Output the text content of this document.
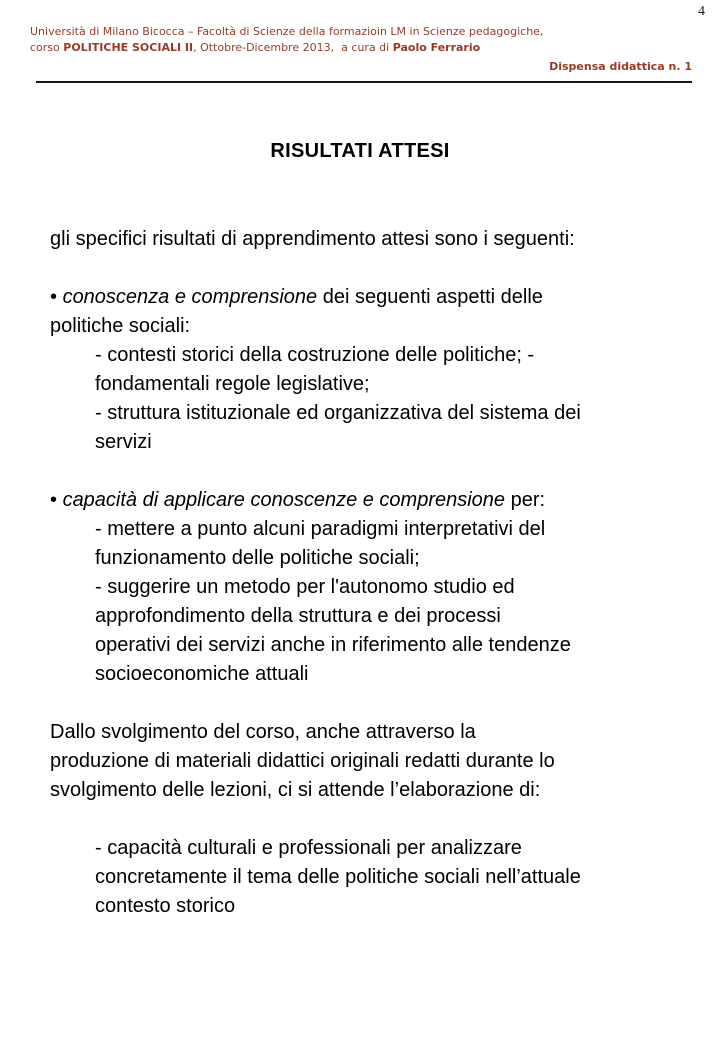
4
Università di Milano Bicocca – Facoltà di Scienze della formazioin LM in Scienze pedagogiche,
corso POLITICHE SOCIALI II, Ottobre-Dicembre 2013,  a cura di Paolo Ferrario
Dispensa didattica n. 1
RISULTATI ATTESI
gli specifici risultati di apprendimento attesi sono i seguenti:
• conoscenza e comprensione dei seguenti aspetti delle
politiche sociali:
- contesti storici della costruzione delle politiche; -
fondamentali regole legislative;
- struttura istituzionale ed organizzativa del sistema dei
servizi
• capacità di applicare conoscenze e comprensione per:
- mettere a punto alcuni paradigmi interpretativi del
funzionamento delle politiche sociali;
- suggerire un metodo per l'autonomo studio ed
approfondimento della struttura e dei processi
operativi dei servizi anche in riferimento alle tendenze
socioeconomiche attuali
Dallo svolgimento del corso, anche attraverso la
produzione di materiali didattici originali redatti durante lo
svolgimento delle lezioni, ci si attende l’elaborazione di:
- capacità culturali e professionali per analizzare
concretamente il tema delle politiche sociali nell’attuale
contesto storico
